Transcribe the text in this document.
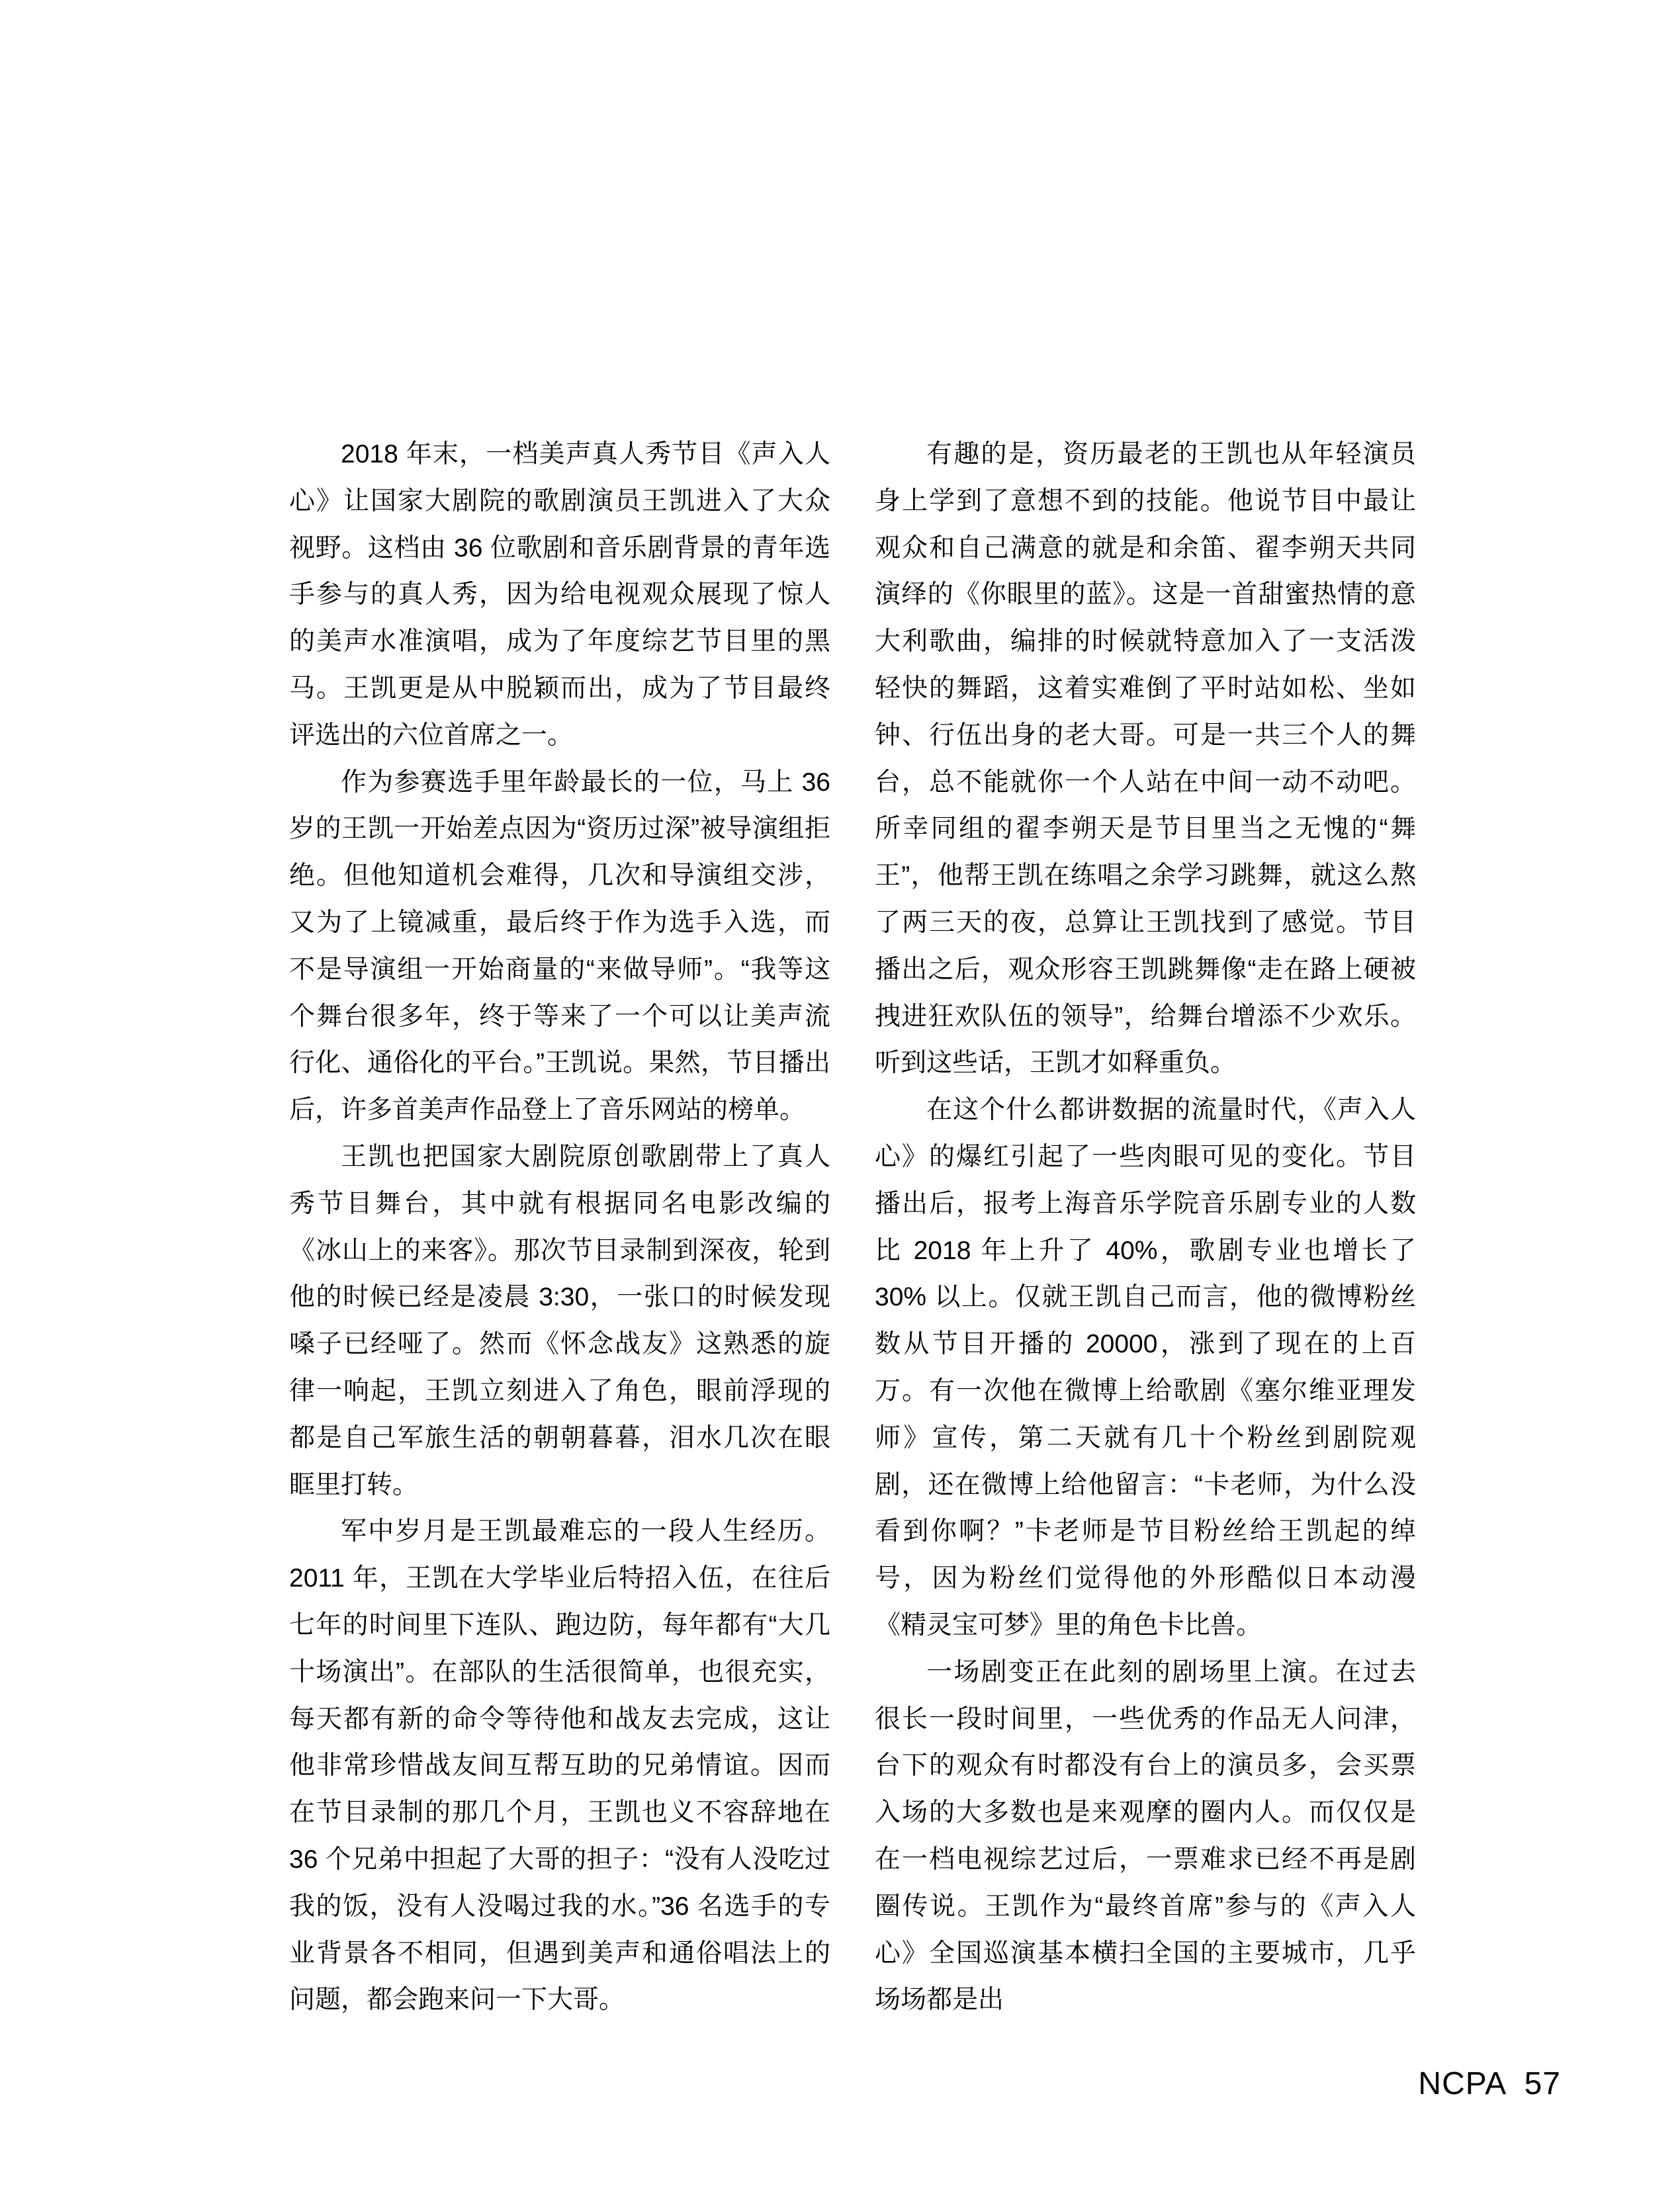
2018 年末，一档美声真人秀节目《声入人心》让国家大剧院的歌剧演员王凯进入了大众视野。这档由 36 位歌剧和音乐剧背景的青年选手参与的真人秀，因为给电视观众展现了惊人的美声水准演唱，成为了年度综艺节目里的黑马。王凯更是从中脱颖而出，成为了节目最终评选出的六位首席之一。

作为参赛选手里年龄最长的一位，马上 36 岁的王凯一开始差点因为“资历过深”被导演组拒绝。但他知道机会难得，几次和导演组交涉，又为了上镜减重，最后终于作为选手入选，而不是导演组一开始商量的“来做导师”。“我等这个舞台很多年，终于等来了一个可以让美声流行化、通俗化的平台。”王凯说。果然，节目播出后，许多首美声作品登上了音乐网站的榜单。

王凯也把国家大剧院原创歌剧带上了真人秀节目舞台，其中就有根据同名电影改编的《冰山上的来客》。那次节目录制到深夜，轮到他的时候已经是凌晨 3:30，一张口的时候发现嗓子已经哑了。然而《怀念战友》这熟悉的旋律一响起，王凯立刻进入了角色，眼前浮现的都是自己军旅生活的朝朝暮暮，泪水几次在眼眶里打转。

军中岁月是王凯最难忘的一段人生经历。2011 年，王凯在大学毕业后特招入伍，在往后七年的时间里下连队、跑边防，每年都有“大几十场演出”。在部队的生活很简单，也很充实，每天都有新的命令等待他和战友去完成，这让他非常珍惜战友间互帮互助的兄弟情谊。因而在节目录制的那几个月，王凯也义不容辞地在 36 个兄弟中担起了大哥的担子：“没有人没吃过我的饭，没有人没喝过我的水。”36 名选手的专业背景各不相同，但遇到美声和通俗唱法上的问题，都会跑来问一下大哥。

有趣的是，资历最老的王凯也从年轻演员身上学到了意想不到的技能。他说节目中最让观众和自己满意的就是和余笛、翟李朔天共同演绎的《你眼里的蓝》。这是一首甜蜜热情的意大利歌曲，编排的时候就特意加入了一支活泼轻快的舞蹈，这着实难倒了平时站如松、坐如钟、行伍出身的老大哥。可是一共三个人的舞台，总不能就你一个人站在中间一动不动吧。所幸同组的翟李朔天是节目里当之无愧的“舞王”，他帮王凯在练唱之余学习跳舞，就这么熬了两三天的夜，总算让王凯找到了感觉。节目播出之后，观众形容王凯跳舞像“走在路上硬被拽进狂欢队伍的领导”，给舞台增添不少欢乐。听到这些话，王凯才如释重负。

在这个什么都讲数据的流量时代，《声入人心》的爆红引起了一些肉眼可见的变化。节目播出后，报考上海音乐学院音乐剧专业的人数比 2018 年上升了 40%，歌剧专业也增长了 30% 以上。仅就王凯自己而言，他的微博粉丝数从节目开播的 20000，涨到了现在的上百万。有一次他在微博上给歌剧《塞尔维亚理发师》宣传，第二天就有几十个粉丝到剧院观剧，还在微博上给他留言：“卡老师，为什么没看到你啊？”卡老师是节目粉丝给王凯起的绰号，因为粉丝们觉得他的外形酷似日本动漫《精灵宝可梦》里的角色卡比兽。

一场剧变正在此刻的剧场里上演。在过去很长一段时间里，一些优秀的作品无人问津，台下的观众有时都没有台上的演员多，会买票入场的大多数也是来观摩的圈内人。而仅仅是在一档电视综艺过后，一票难求已经不再是剧圈传说。王凯作为“最终首席”参与的《声入人心》全国巡演基本横扫全国的主要城市，几乎场场都是出

NCPA 57
